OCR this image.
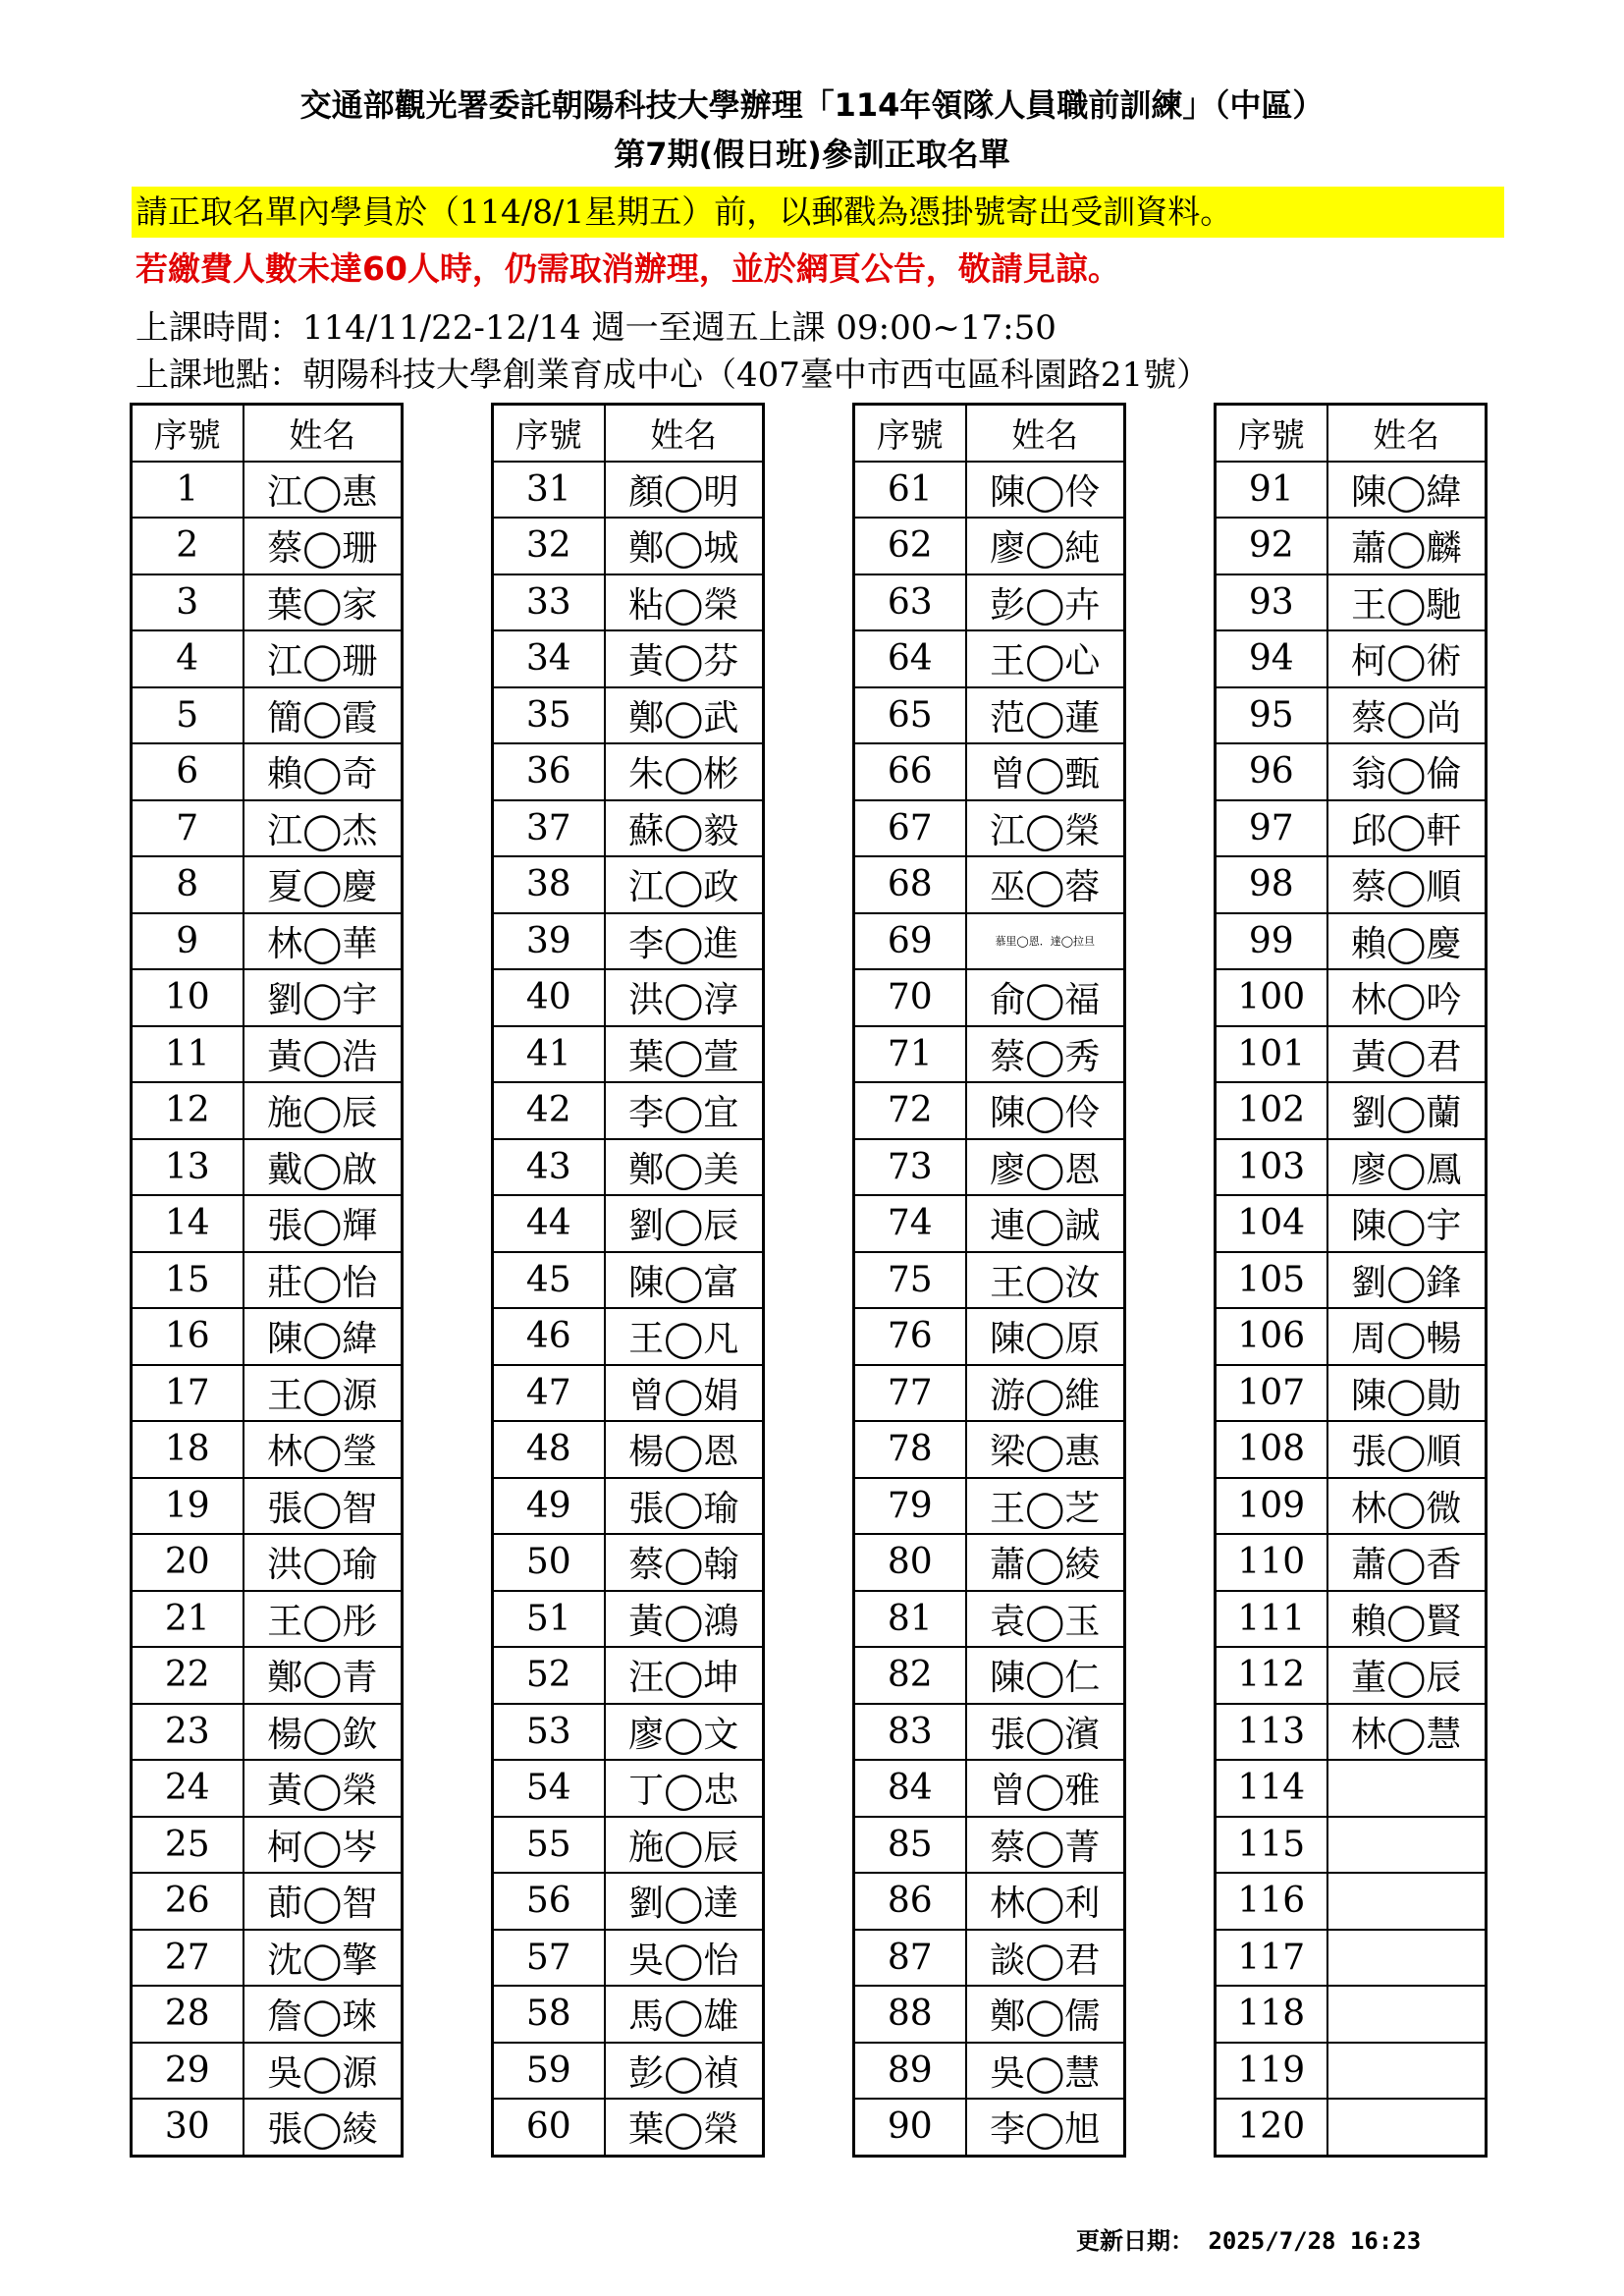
交通部觀光署委託朝陽科技大學辦理「114年領隊人員職前訓練」（中區）
第7期(假日班)參訓正取名單
請正取名單內學員於（114/8/1星期五）前，以郵戳為憑掛號寄出受訓資料。
若繳費人數未達60人時，仍需取消辦理，並於網頁公告，敬請見諒。
上課時間：114/11/22-12/14 週一至週五上課 09:00~17:50
上課地點：朝陽科技大學創業育成中心（407臺中市西屯區科園路21號）
序號	姓名
1	江◯惠
2	蔡◯珊
3	葉◯家
4	江◯珊
5	簡◯霞
6	賴◯奇
7	江◯杰
8	夏◯慶
9	林◯華
10	劉◯宇
11	黃◯浩
12	施◯辰
13	戴◯啟
14	張◯輝
15	莊◯怡
16	陳◯緯
17	王◯源
18	林◯瑩
19	張◯智
20	洪◯瑜
21	王◯彤
22	鄭◯青
23	楊◯欽
24	黃◯榮
25	柯◯岑
26	莭◯智
27	沈◯擎
28	詹◯琜
29	吳◯源
30	張◯綾
序號	姓名
31	顏◯明
32	鄭◯城
33	粘◯榮
34	黃◯芬
35	鄭◯武
36	朱◯彬
37	蘇◯毅
38	江◯政
39	李◯進
40	洪◯淳
41	葉◯萱
42	李◯宜
43	鄭◯美
44	劉◯辰
45	陳◯富
46	王◯凡
47	曾◯娟
48	楊◯恩
49	張◯瑜
50	蔡◯翰
51	黃◯鴻
52	汪◯坤
53	廖◯文
54	丁◯忠
55	施◯辰
56	劉◯達
57	吳◯怡
58	馬◯雄
59	彭◯禎
60	葉◯榮
序號	姓名
61	陳◯伶
62	廖◯純
63	彭◯卉
64	王◯心
65	范◯蓮
66	曾◯甄
67	江◯榮
68	巫◯蓉
69	慕里◯恩．達◯拉旦
70	俞◯福
71	蔡◯秀
72	陳◯伶
73	廖◯恩
74	連◯誠
75	王◯汝
76	陳◯原
77	游◯維
78	梁◯惠
79	王◯芝
80	蕭◯綾
81	袁◯玉
82	陳◯仁
83	張◯濱
84	曾◯雅
85	蔡◯菁
86	林◯利
87	談◯君
88	鄭◯儒
89	吳◯慧
90	李◯旭
序號	姓名
91	陳◯緯
92	蕭◯麟
93	王◯馳
94	柯◯術
95	蔡◯尚
96	翁◯倫
97	邱◯軒
98	蔡◯順
99	賴◯慶
100	林◯吟
101	黃◯君
102	劉◯蘭
103	廖◯鳳
104	陳◯宇
105	劉◯鋒
106	周◯暢
107	陳◯勛
108	張◯順
109	林◯微
110	蕭◯香
111	賴◯賢
112	董◯辰
113	林◯慧
114	
115	
116	
117	
118	
119	
120	
更新日期： 2025/7/28 16:23
